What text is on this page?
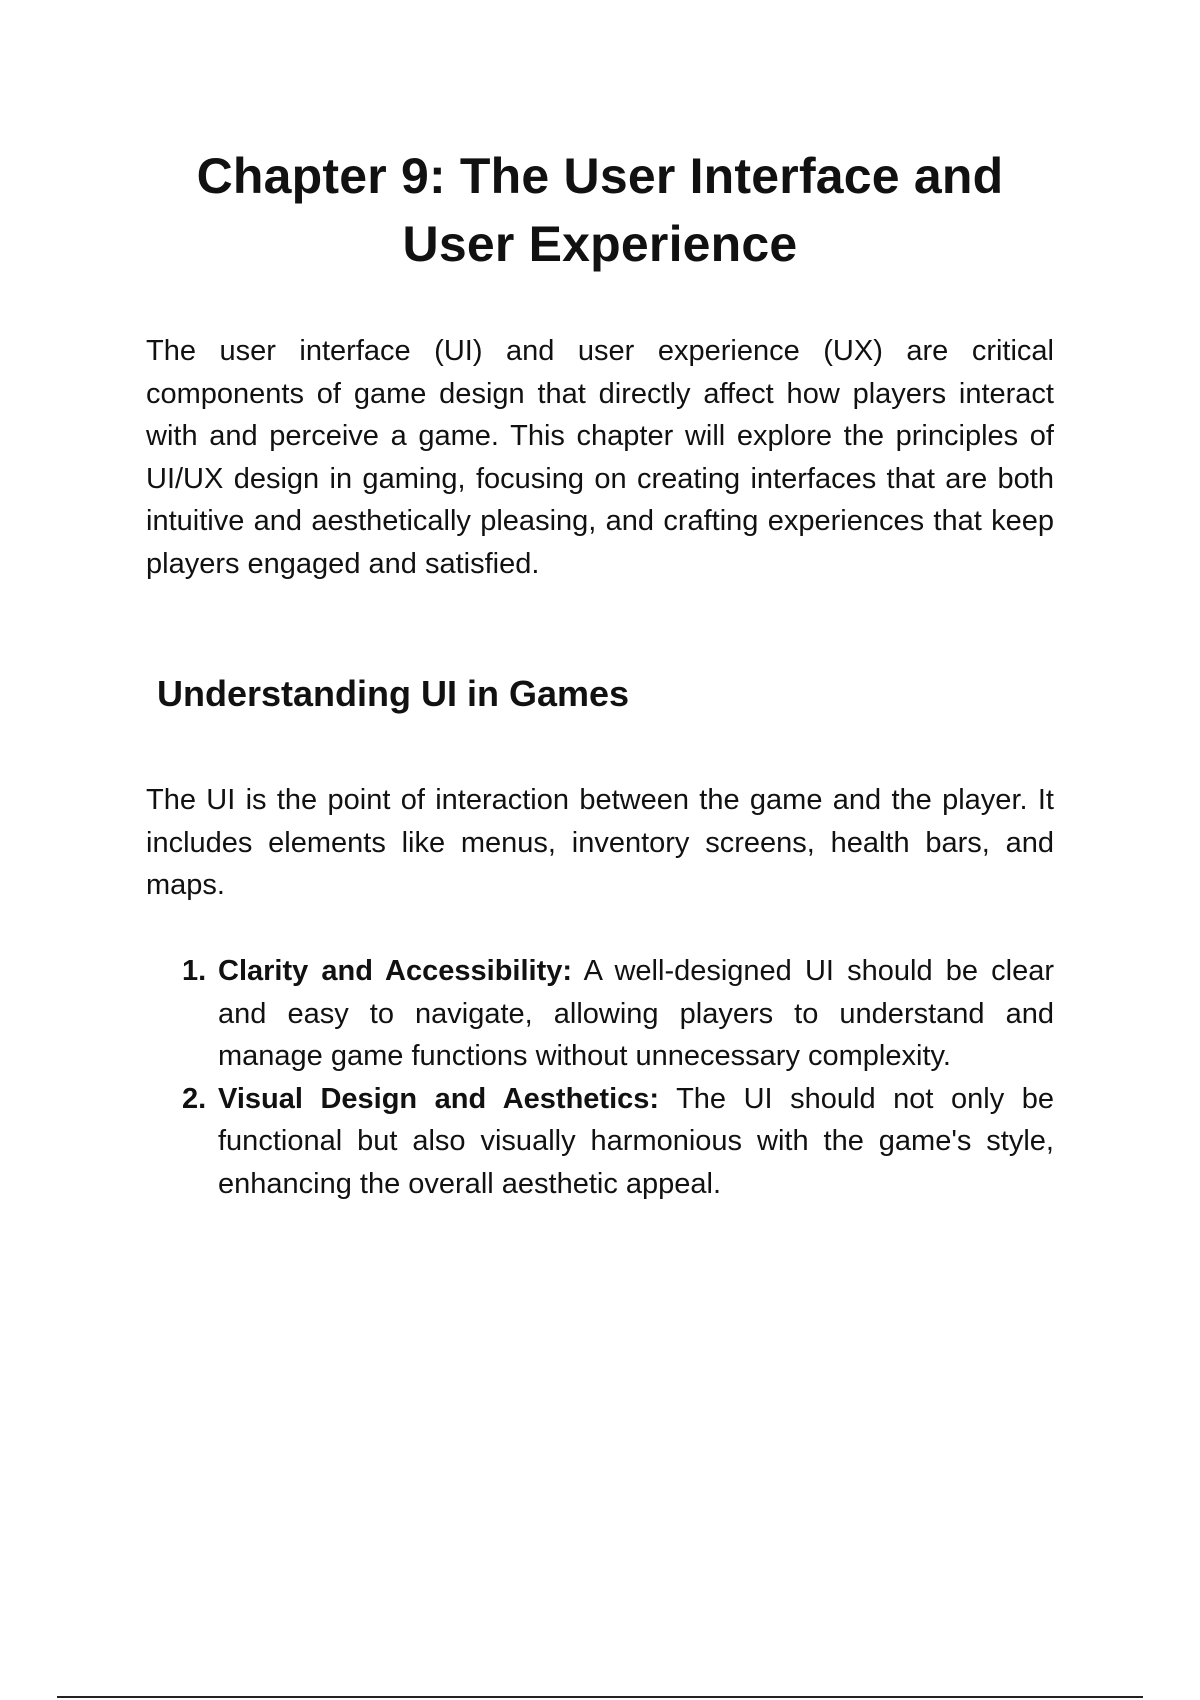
Chapter 9: The User Interface and User Experience

The user interface (UI) and user experience (UX) are critical components of game design that directly affect how players interact with and perceive a game. This chapter will explore the principles of UI/UX design in gaming, focusing on creating interfaces that are both intuitive and aesthetically pleasing, and crafting experiences that keep players engaged and satisfied.

Understanding UI in Games

The UI is the point of interaction between the game and the player. It includes elements like menus, inventory screens, health bars, and maps.

1. Clarity and Accessibility: A well-designed UI should be clear and easy to navigate, allowing players to understand and manage game functions without unnecessary complexity.
2. Visual Design and Aesthetics: The UI should not only be functional but also visually harmonious with the game's style, enhancing the overall aesthetic appeal.
